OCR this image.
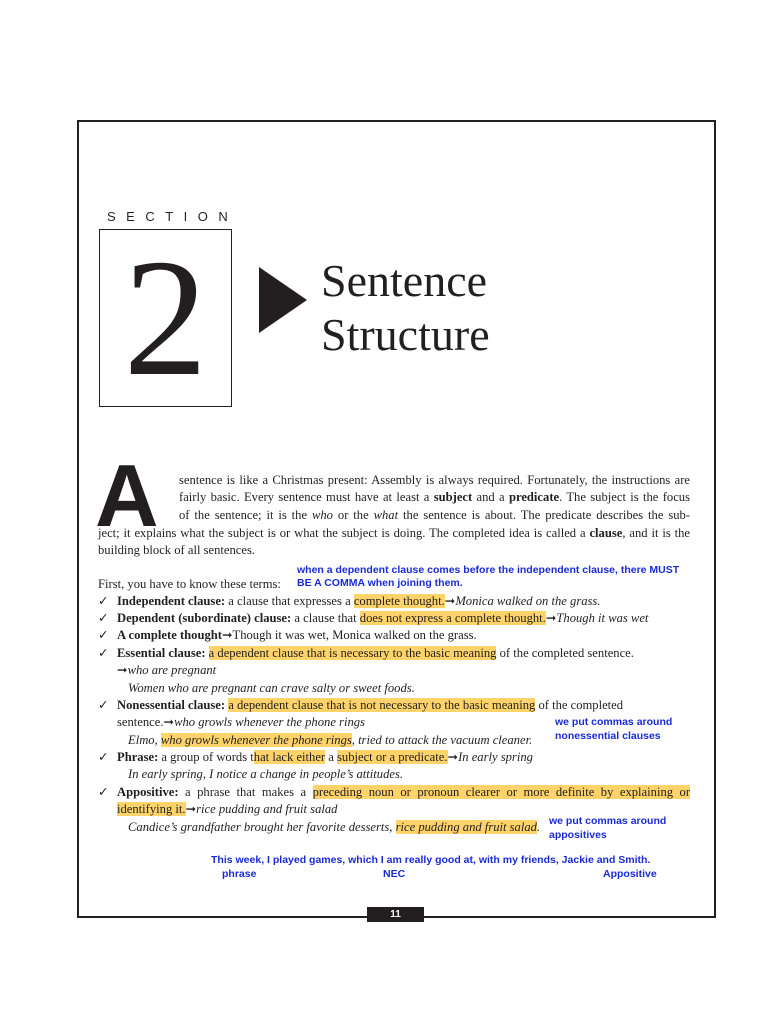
SECTION
2	Sentence
Structure
A sentence is like a Christmas present: Assembly is always required. Fortunately, the instructions are
fairly basic. Every sentence must have at least a subject and a predicate. The subject is the focus
of the sentence; it is the who or the what the sentence is about. The predicate describes the sub-
ject; it explains what the subject is or what the subject is doing. The completed idea is called a clause, and it is the
building block of all sentences.
when a dependent clause comes before the independent clause, there MUST
BE A COMMA when joining them.
First, you have to know these terms:
✓ Independent clause: a clause that expresses a complete thought.➞Monica walked on the grass.
✓ Dependent (subordinate) clause: a clause that does not express a complete thought.➞Though it was wet
✓ A complete thought➞Though it was wet, Monica walked on the grass.
✓ Essential clause: a dependent clause that is necessary to the basic meaning of the completed sentence.
➞who are pregnant
Women who are pregnant can crave salty or sweet foods.
✓ Nonessential clause: a dependent clause that is not necessary to the basic meaning of the completed
sentence.➞who growls whenever the phone rings
Elmo, who growls whenever the phone rings, tried to attack the vacuum cleaner.
we put commas around
nonessential clauses
✓ Phrase: a group of words that lack either a subject or a predicate.➞In early spring
In early spring, I notice a change in people’s attitudes.
✓ Appositive: a phrase that makes a preceding noun or pronoun clearer or more definite by explaining or
identifying it.➞rice pudding and fruit salad
Candice’s grandfather brought her favorite desserts, rice pudding and fruit salad. we put commas around
appositives
This week, I played games, which I am really good at, with my friends, Jackie and Smith.
phrase	NEC	Appositive
11
